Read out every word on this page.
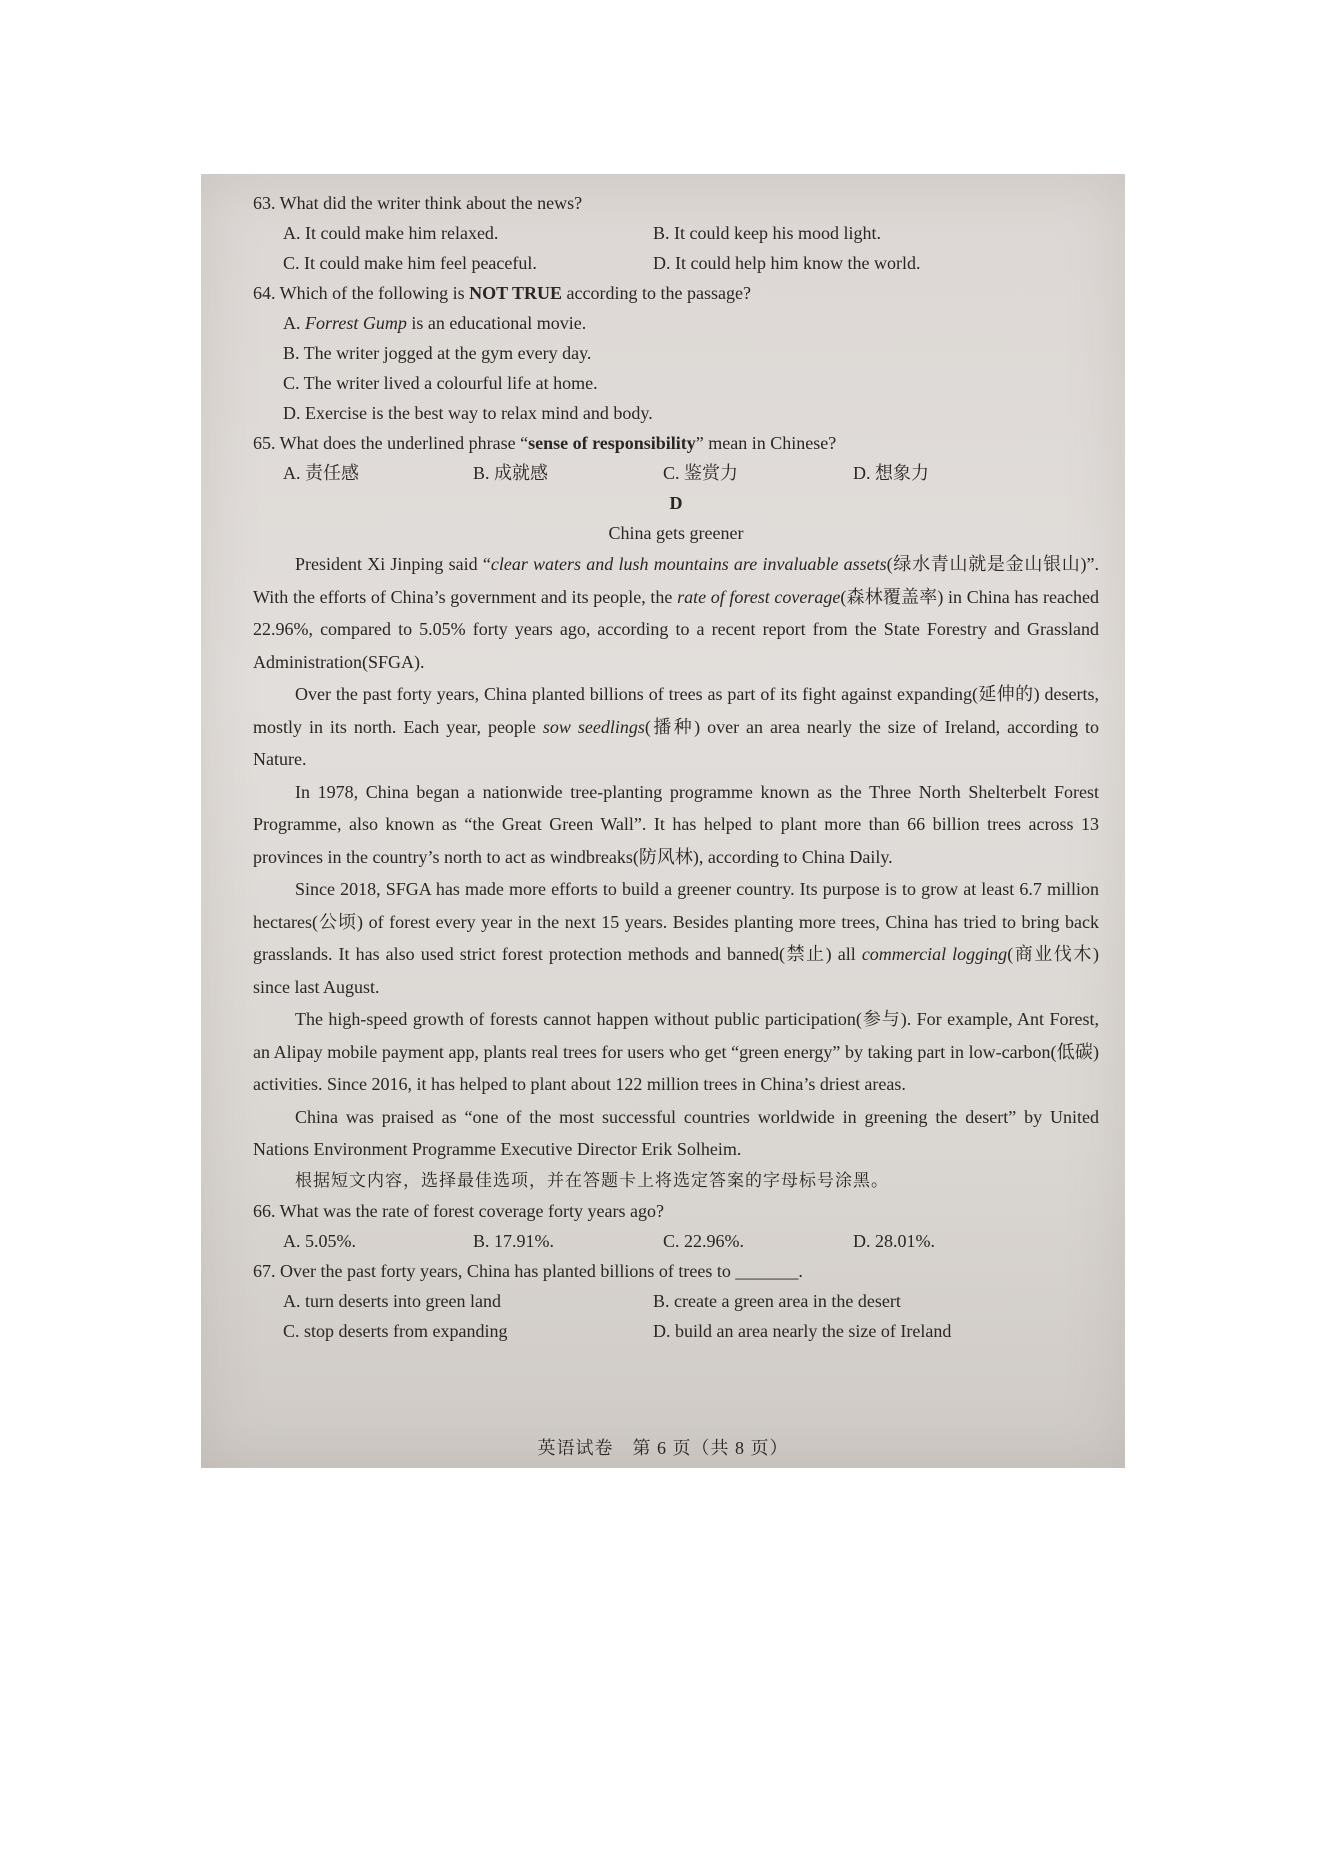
63. What did the writer think about the news?

A. It could make him relaxed.	B. It could keep his mood light.
C. It could make him feel peaceful.	D. It could help him know the world.

64. Which of the following is NOT TRUE according to the passage?

A. Forrest Gump is an educational movie.
B. The writer jogged at the gym every day.
C. The writer lived a colourful life at home.
D. Exercise is the best way to relax mind and body.

65. What does the underlined phrase “sense of responsibility” mean in Chinese?

A. 责任感	B. 成就感	C. 鉴赏力	D. 想象力

D

China gets greener

President Xi Jinping said “clear waters and lush mountains are invaluable assets(绿水青山就是金山银山)”. With the efforts of China’s government and its people, the rate of forest coverage(森林覆盖率) in China has reached 22.96%, compared to 5.05% forty years ago, according to a recent report from the State Forestry and Grassland Administration(SFGA).

Over the past forty years, China planted billions of trees as part of its fight against expanding(延伸的) deserts, mostly in its north. Each year, people sow seedlings(播种) over an area nearly the size of Ireland, according to Nature.

In 1978, China began a nationwide tree-planting programme known as the Three North Shelterbelt Forest Programme, also known as “the Great Green Wall”. It has helped to plant more than 66 billion trees across 13 provinces in the country’s north to act as windbreaks(防风林), according to China Daily.

Since 2018, SFGA has made more efforts to build a greener country. Its purpose is to grow at least 6.7 million hectares(公顷) of forest every year in the next 15 years. Besides planting more trees, China has tried to bring back grasslands. It has also used strict forest protection methods and banned(禁止) all commercial logging(商业伐木) since last August.

The high-speed growth of forests cannot happen without public participation(参与). For example, Ant Forest, an Alipay mobile payment app, plants real trees for users who get “green energy” by taking part in low-carbon(低碳) activities. Since 2016, it has helped to plant about 122 million trees in China’s driest areas.

China was praised as “one of the most successful countries worldwide in greening the desert” by United Nations Environment Programme Executive Director Erik Solheim.

根据短文内容，选择最佳选项，并在答题卡上将选定答案的字母标号涂黑。

66. What was the rate of forest coverage forty years ago?

A. 5.05%.	B. 17.91%.	C. 22.96%.	D. 28.01%.

67. Over the past forty years, China has planted billions of trees to _______.

A. turn deserts into green land	B. create a green area in the desert
C. stop deserts from expanding	D. build an area nearly the size of Ireland
英语试卷　第 6 页（共 8 页）
